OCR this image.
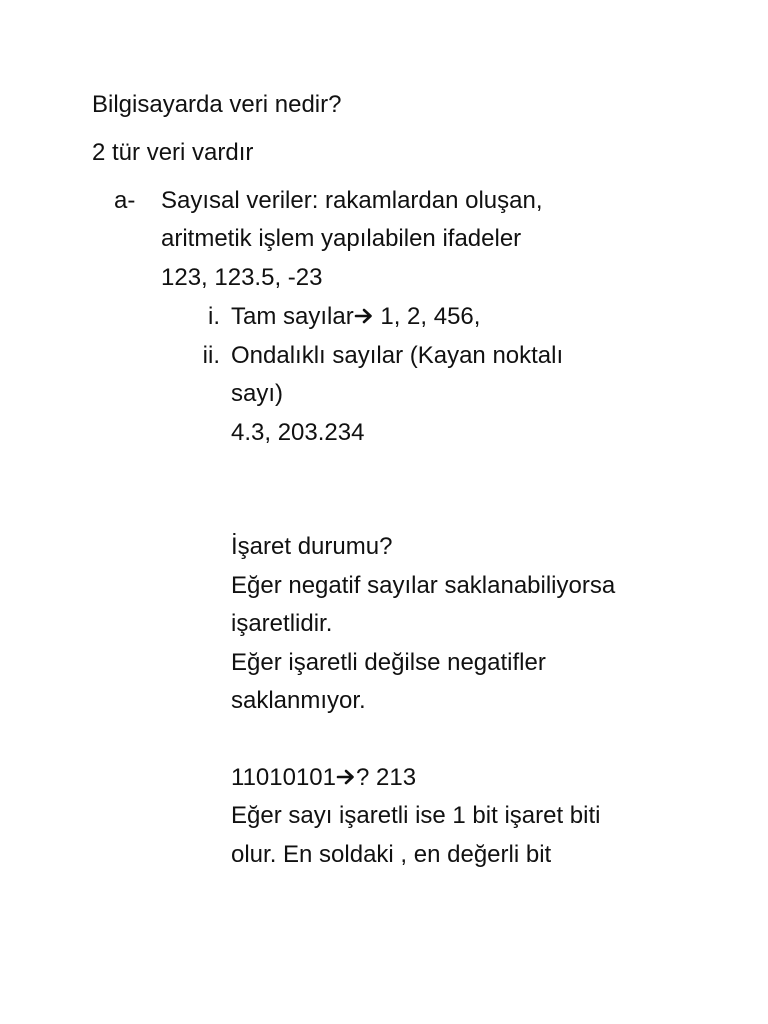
Bilgisayarda veri nedir?
2 tür veri vardır
a- Sayısal veriler: rakamlardan oluşan,
aritmetik işlem yapılabilen ifadeler
123, 123.5, -23
i. Tam sayılar
1, 2, 456,
ii. Ondalıklı sayılar (Kayan noktalı
sayı)
4.3, 203.234
İşaret durumu?
Eğer negatif sayılar saklanabiliyorsa
işaretlidir.
Eğer işaretli değilse negatifler
saklanmıyor.
11010101 ? 213
Eğer sayı işaretli ise 1 bit işaret biti
olur. En soldaki , en değerli bit
